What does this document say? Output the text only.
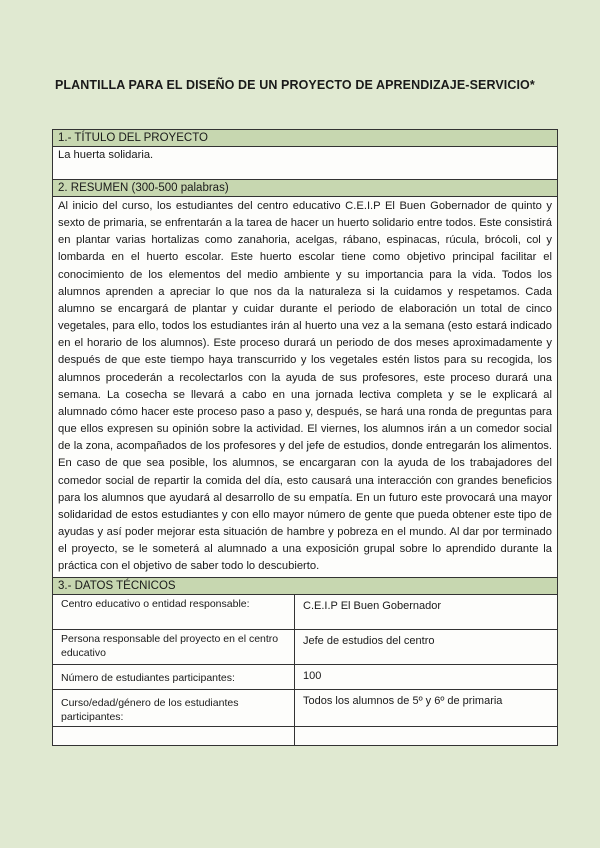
PLANTILLA PARA EL DISEÑO DE UN PROYECTO DE APRENDIZAJE-SERVICIO*
1.- TÍTULO DEL PROYECTO
La huerta solidaria.
2. RESUMEN (300-500 palabras)
Al inicio del curso, los estudiantes del centro educativo C.E.I.P El Buen Gobernador de quinto y sexto de primaria, se enfrentarán a la tarea de hacer un huerto solidario entre todos. Este consistirá en plantar varias hortalizas como zanahoria, acelgas, rábano, espinacas, rúcula, brócoli, col y lombarda en el huerto escolar. Este huerto escolar tiene como objetivo principal facilitar el conocimiento de los elementos del medio ambiente y su importancia para la vida. Todos los alumnos aprenden a apreciar lo que nos da la naturaleza si la cuidamos y respetamos. Cada alumno se encargará de plantar y cuidar durante el periodo de elaboración un total de cinco vegetales, para ello, todos los estudiantes irán al huerto una vez a la semana (esto estará indicado en el horario de los alumnos). Este proceso durará un periodo de dos meses aproximadamente y después de que este tiempo haya transcurrido y los vegetales estén listos para su recogida, los alumnos procederán a recolectarlos con la ayuda de sus profesores, este proceso durará una semana. La cosecha se llevará a cabo en una jornada lectiva completa y se le explicará al alumnado cómo hacer este proceso paso a paso y, después, se hará una ronda de preguntas para que ellos expresen su opinión sobre la actividad. El viernes, los alumnos irán a un comedor social de la zona, acompañados de los profesores y del jefe de estudios, donde entregarán los alimentos. En caso de que sea posible, los alumnos, se encargaran con la ayuda de los trabajadores del comedor social de repartir la comida del día, esto causará una interacción con grandes beneficios para los alumnos que ayudará al desarrollo de su empatía. En un futuro este provocará una mayor solidaridad de estos estudiantes y con ello mayor número de gente que pueda obtener este tipo de ayudas y así poder mejorar esta situación de hambre y pobreza en el mundo. Al dar por terminado el proyecto, se le someterá al alumnado a una exposición grupal sobre lo aprendido durante la práctica con el objetivo de saber todo lo descubierto.
3.- DATOS TÉCNICOS
Centro educativo o entidad responsable:	C.E.I.P El Buen Gobernador
Persona responsable del proyecto en el centro educativo	Jefe de estudios del centro
Número de estudiantes participantes:	100
Curso/edad/género de los estudiantes participantes:	Todos los alumnos de 5º y 6º de primaria
